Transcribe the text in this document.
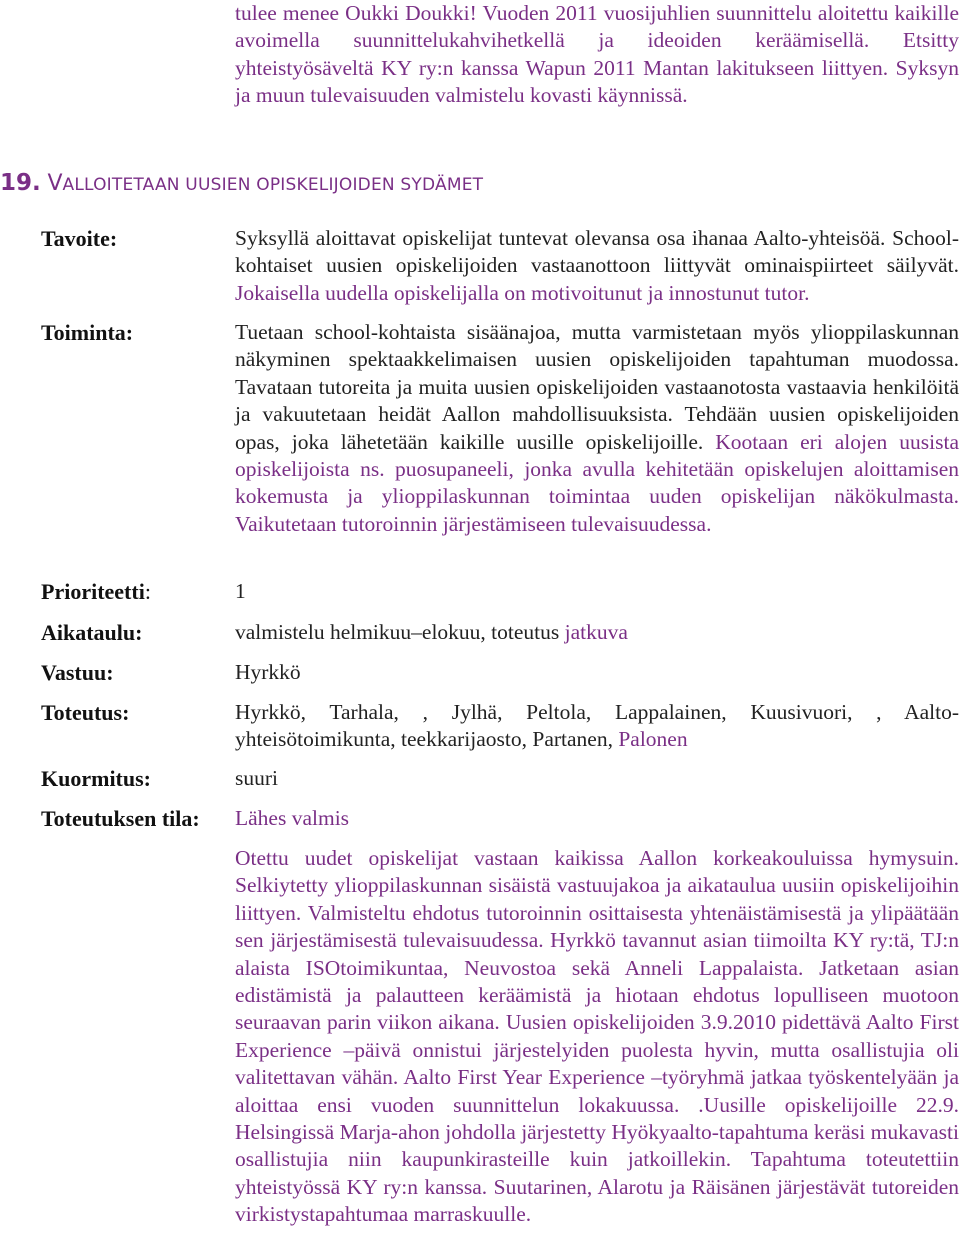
tulee menee Oukki Doukki! Vuoden 2011 vuosijuhlien suunnittelu aloitettu kaikille avoimella suunnittelukahvihetkellä ja ideoiden keräämisellä. Etsitty yhteistyösäveltä KY ry:n kanssa Wapun 2011 Mantan lakitukseen liittyen. Syksyn ja muun tulevaisuuden valmistelu kovasti käynnissä.
19. VALLOITETAAN UUSIEN OPISKELIJOIDEN SYDÄMET
Tavoite:	Syksyllä aloittavat opiskelijat tuntevat olevansa osa ihanaa Aalto-yhteisöä. School-kohtaiset uusien opiskelijoiden vastaanottoon liittyvät ominaispiirteet säilyvät. Jokaisella uudella opiskelijalla on motivoitunut ja innostunut tutor.
Toiminta:	Tuetaan school-kohtaista sisäänajoa, mutta varmistetaan myös ylioppilaskunnan näkyminen spektaakkelimaisen uusien opiskelijoiden tapahtuman muodossa. Tavataan tutoreita ja muita uusien opiskelijoiden vastaanotosta vastaavia henkilöitä ja vakuutetaan heidät Aallon mahdollisuuksista. Tehdään uusien opiskelijoiden opas, joka lähetetään kaikille uusille opiskelijoille. Kootaan eri alojen uusista opiskelijoista ns. puosupaneeli, jonka avulla kehitetään opiskelujen aloittamisen kokemusta ja ylioppilaskunnan toimintaa uuden opiskelijan näkökulmasta. Vaikutetaan tutoroinnin järjestämiseen tulevaisuudessa.
Prioriteetti:	1
Aikataulu:	valmistelu helmikuu–elokuu, toteutus jatkuva
Vastuu:	Hyrkkö
Toteutus:	Hyrkkö, Tarhala, , Jylhä, Peltola, Lappalainen, Kuusivuori, , Aalto-yhteisötoimikunta, teekkarijaosto, Partanen, Palonen
Kuormitus:	suuri
Toteutuksen tila: Lähes valmis
Otettu uudet opiskelijat vastaan kaikissa Aallon korkeakouluissa hymysuin. Selkiytetty ylioppilaskunnan sisäistä vastuujakoa ja aikataulua uusiin opiskelijoihin liittyen. Valmisteltu ehdotus tutoroinnin osittaisesta yhtenäistämisestä ja ylipäätään sen järjestämisestä tulevaisuudessa. Hyrkkö tavannut asian tiimoilta KY ry:tä, TJ:n alaista ISOtoimikuntaa, Neuvostoa sekä Anneli Lappalaista. Jatketaan asian edistämistä ja palautteen keräämistä ja hiotaan ehdotus lopulliseen muotoon seuraavan parin viikon aikana. Uusien opiskelijoiden 3.9.2010 pidettävä Aalto First Experience –päivä onnistui järjestelyiden puolesta hyvin, mutta osallistujia oli valitettavan vähän. Aalto First Year Experience –työryhmä jatkaa työskentelyään ja aloittaa ensi vuoden suunnittelun lokakuussa. .Uusille opiskelijoille 22.9. Helsingissä Marja-ahon johdolla järjestetty Hyökyaalto-tapahtuma keräsi mukavasti osallistujia niin kaupunkirasteille kuin jatkoillekin. Tapahtuma toteutettiin yhteistyössä KY ry:n kanssa. Suutarinen, Alarotu ja Räisänen järjestävät tutoreiden virkistystapahtumaa marraskuulle.
